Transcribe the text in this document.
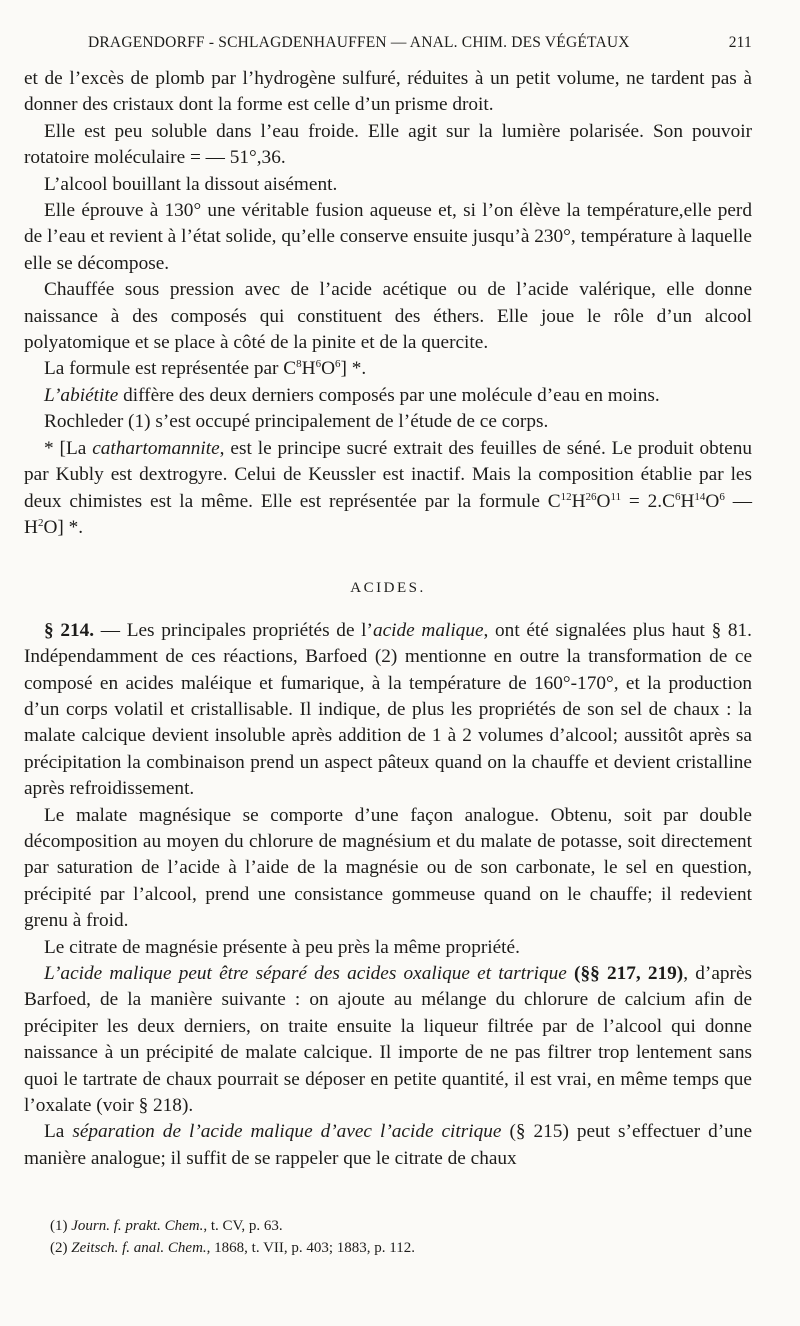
DRAGENDORFF - SCHLAGDENHAUFFEN — ANAL. CHIM. DES VÉGÉTAUX	211

et de l’excès de plomb par l’hydrogène sulfuré, réduites à un petit volume, ne tardent pas à donner des cristaux dont la forme est celle d’un prisme droit.

Elle est peu soluble dans l’eau froide. Elle agit sur la lumière polarisée. Son pouvoir rotatoire moléculaire = — 51°,36.

L’alcool bouillant la dissout aisément.

Elle éprouve à 130° une véritable fusion aqueuse et, si l’on élève la température,elle perd de l’eau et revient à l’état solide, qu’elle conserve ensuite jusqu’à 230°, température à laquelle elle se décompose.

Chauffée sous pression avec de l’acide acétique ou de l’acide valérique, elle donne naissance à des composés qui constituent des éthers. Elle joue le rôle d’un alcool polyatomique et se place à côté de la pinite et de la quercite.

La formule est représentée par $C^8H^6O^6$] *.

L’abiétite diffère des deux derniers composés par une molécule d’eau en moins.

Rochleder (1) s’est occupé principalement de l’étude de ce corps.

* [La cathartomannite, est le principe sucré extrait des feuilles de séné. Le produit obtenu par Kubly est dextrogyre. Celui de Keussler est inactif. Mais la composition établie par les deux chimistes est la même. Elle est représentée par la formule $C^{12}H^{26}O^{11} = 2.C^6H^{14}O^6$ — $H^2O$] *.

ACIDES.

§ 214. — Les principales propriétés de l’acide malique, ont été signalées plus haut § 81. Indépendamment de ces réactions, Barfoed (2) mentionne en outre la transformation de ce composé en acides maléique et fumarique, à la température de 160°-170°, et la production d’un corps volatil et cristallisable. Il indique, de plus les propriétés de son sel de chaux : la malate calcique devient insoluble après addition de 1 à 2 volumes d’alcool; aussitôt après sa précipitation la combinaison prend un aspect pâteux quand on la chauffe et devient cristalline après refroidissement.

Le malate magnésique se comporte d’une façon analogue. Obtenu, soit par double décomposition au moyen du chlorure de magnésium et du malate de potasse, soit directement par saturation de l’acide à l’aide de la magnésie ou de son carbonate, le sel en question, précipité par l’alcool, prend une consistance gommeuse quand on le chauffe; il redevient grenu à froid.

Le citrate de magnésie présente à peu près la même propriété.

L’acide malique peut être séparé des acides oxalique et tartrique (§§ 217, 219), d’après Barfoed, de la manière suivante : on ajoute au mélange du chlorure de calcium afin de précipiter les deux derniers, on traite ensuite la liqueur filtrée par de l’alcool qui donne naissance à un précipité de malate calcique. Il importe de ne pas filtrer trop lentement sans quoi le tartrate de chaux pourrait se déposer en petite quantité, il est vrai, en même temps que l’oxalate (voir § 218).

La séparation de l’acide malique d’avec l’acide citrique (§ 215) peut s’effectuer d’une manière analogue; il suffit de se rappeler que le citrate de chaux

(1) Journ. f. prakt. Chem., t. CV, p. 63.

(2) Zeitsch. f. anal. Chem., 1868, t. VII, p. 403; 1883, p. 112.
